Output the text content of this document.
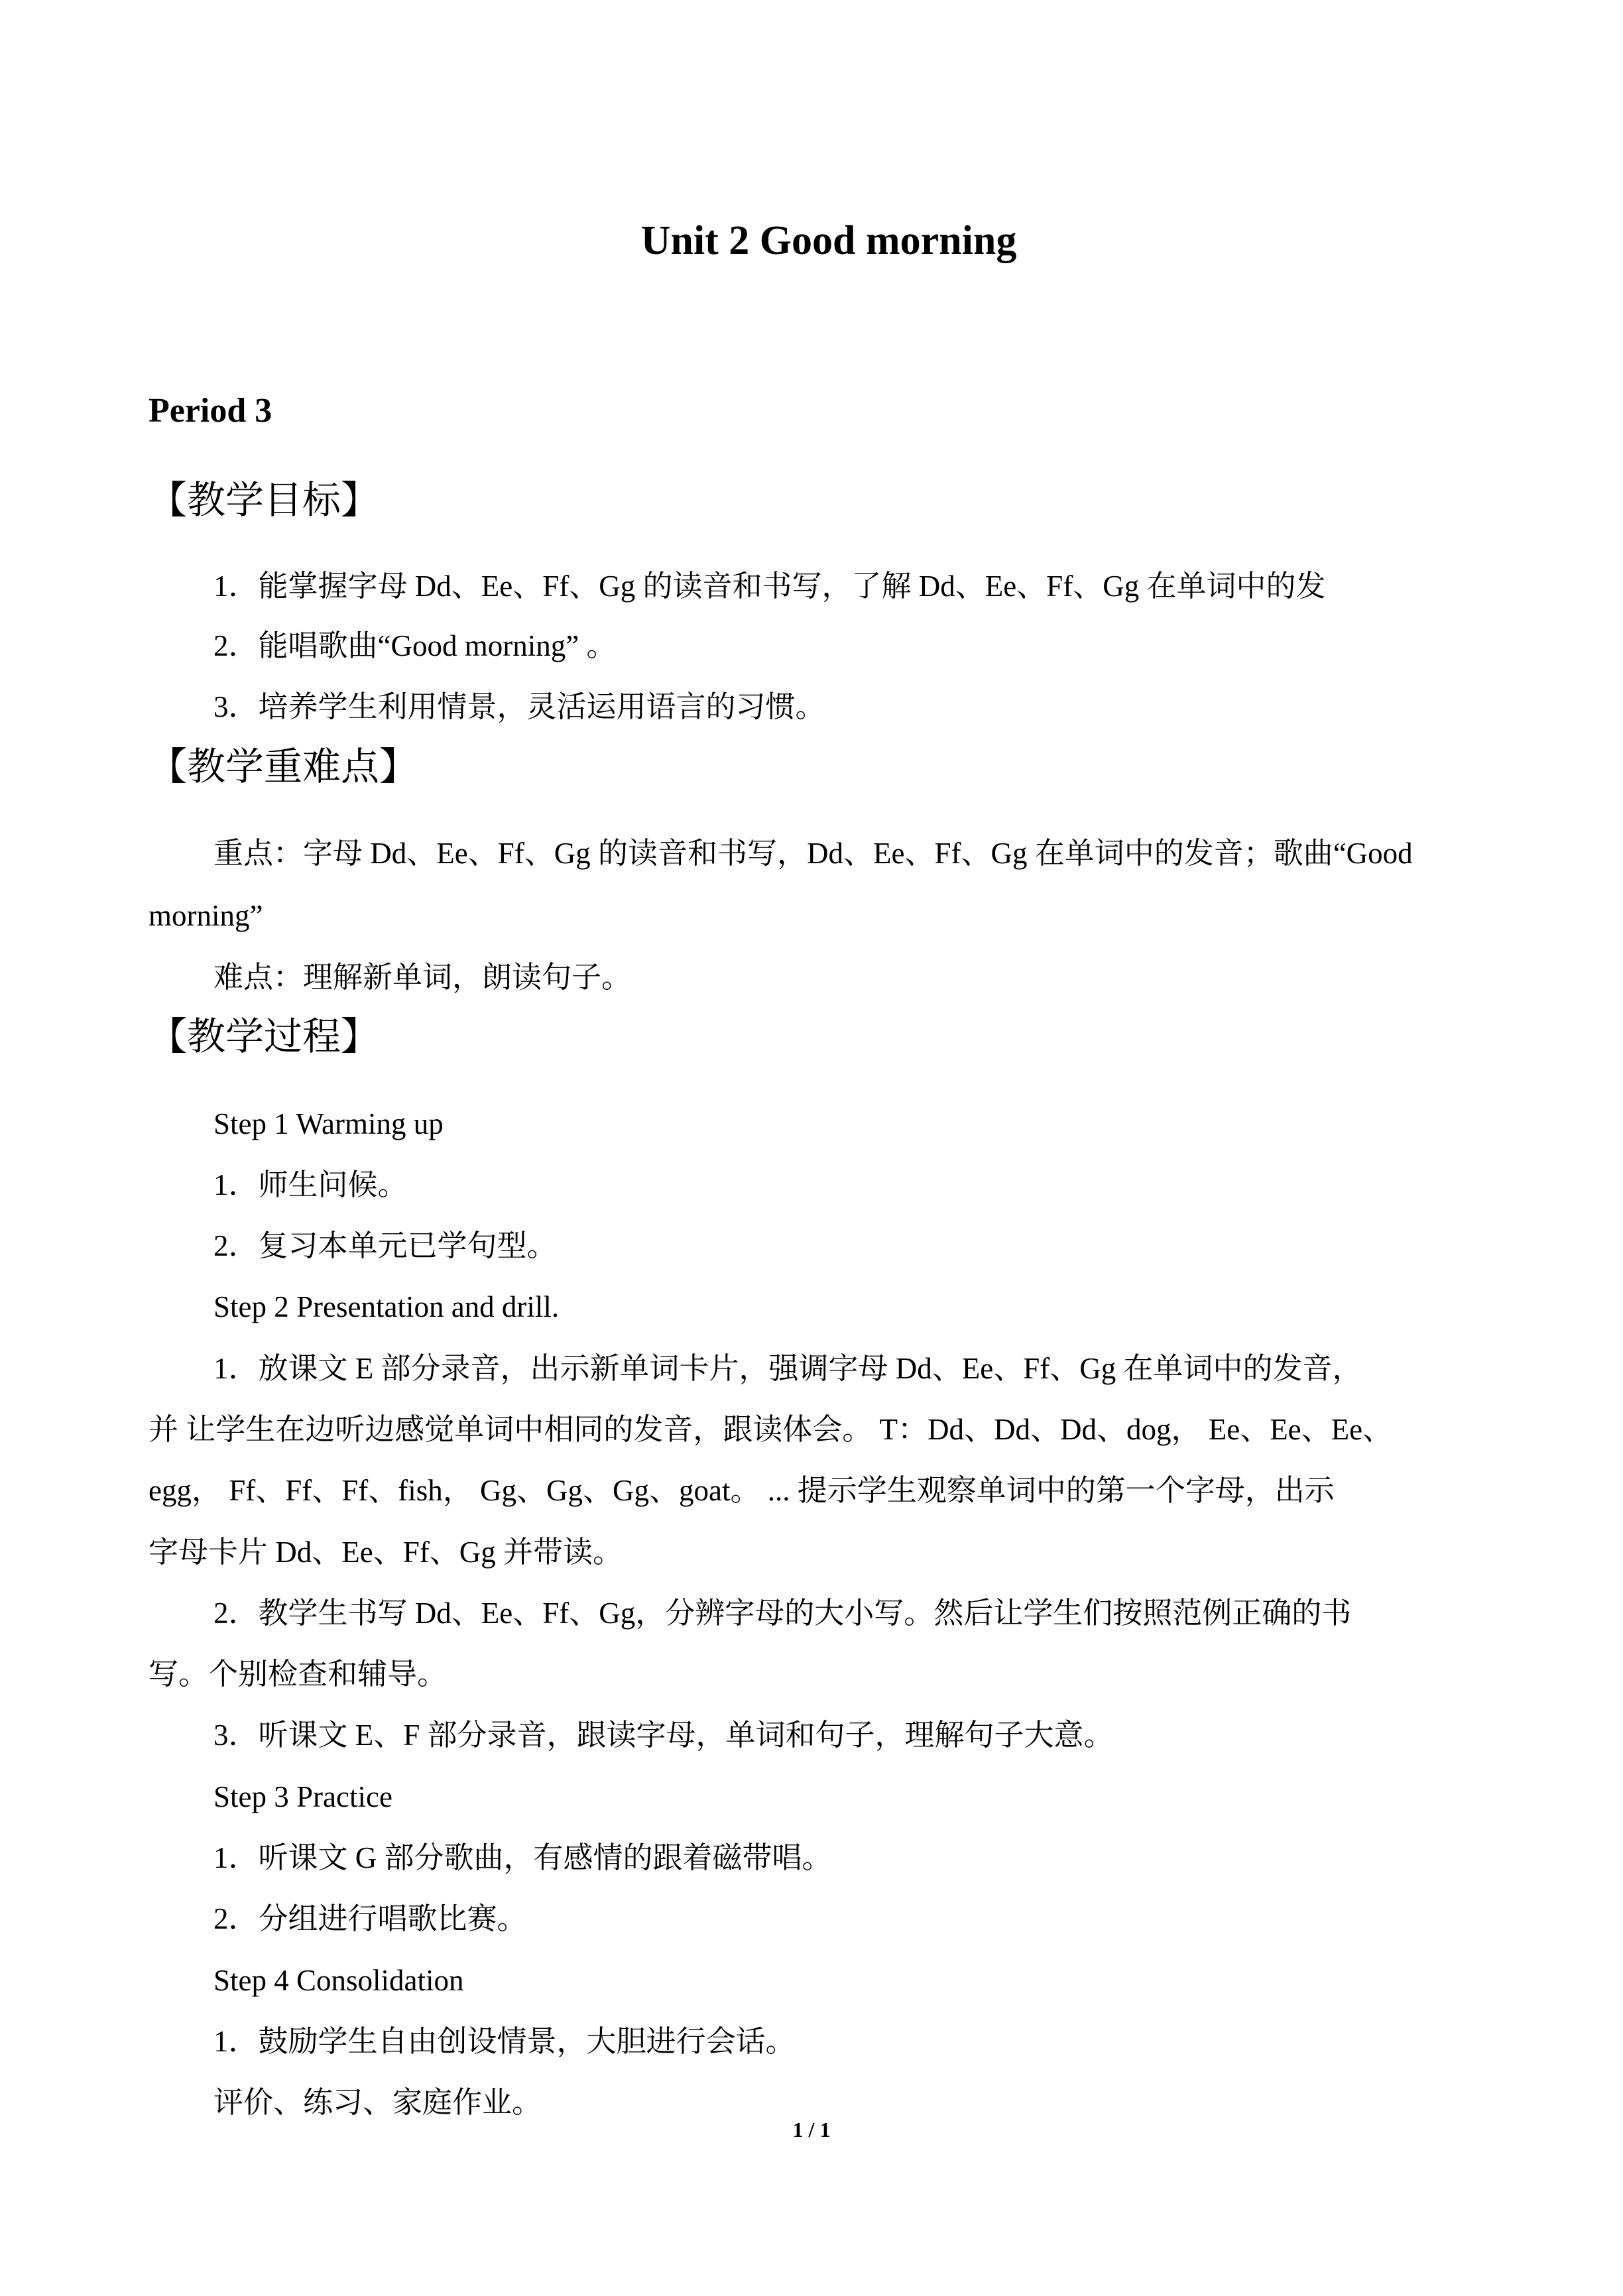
Unit 2 Good morning
Period 3
【教学目标】
1．能掌握字母 Dd、Ee、Ff、Gg 的读音和书写，了解 Dd、Ee、Ff、Gg 在单词中的发
2．能唱歌曲“Good morning” 。
3．培养学生利用情景，灵活运用语言的习惯。
【教学重难点】
重点：字母 Dd、Ee、Ff、Gg 的读音和书写，Dd、Ee、Ff、Gg 在单词中的发音；歌曲“Good
morning”
难点：理解新单词，朗读句子。
【教学过程】
Step 1 Warming up
1．师生问候。
2．复习本单元已学句型。
Step 2 Presentation and drill.
1．放课文 E 部分录音，出示新单词卡片，强调字母 Dd、Ee、Ff、Gg 在单词中的发音，
并 让学生在边听边感觉单词中相同的发音，跟读体会。 T：Dd、Dd、Dd、dog， Ee、Ee、Ee、
egg， Ff、Ff、Ff、fish， Gg、Gg、Gg、goat。 ... 提示学生观察单词中的第一个字母，出示
字母卡片 Dd、Ee、Ff、Gg 并带读。
2．教学生书写 Dd、Ee、Ff、Gg，分辨字母的大小写。然后让学生们按照范例正确的书
写。个别检查和辅导。
3．听课文 E、F 部分录音，跟读字母，单词和句子，理解句子大意。
Step 3 Practice
1．听课文 G 部分歌曲，有感情的跟着磁带唱。
2．分组进行唱歌比赛。
Step 4 Consolidation
1．鼓励学生自由创设情景，大胆进行会话。
评价、练习、家庭作业。
1 / 1
